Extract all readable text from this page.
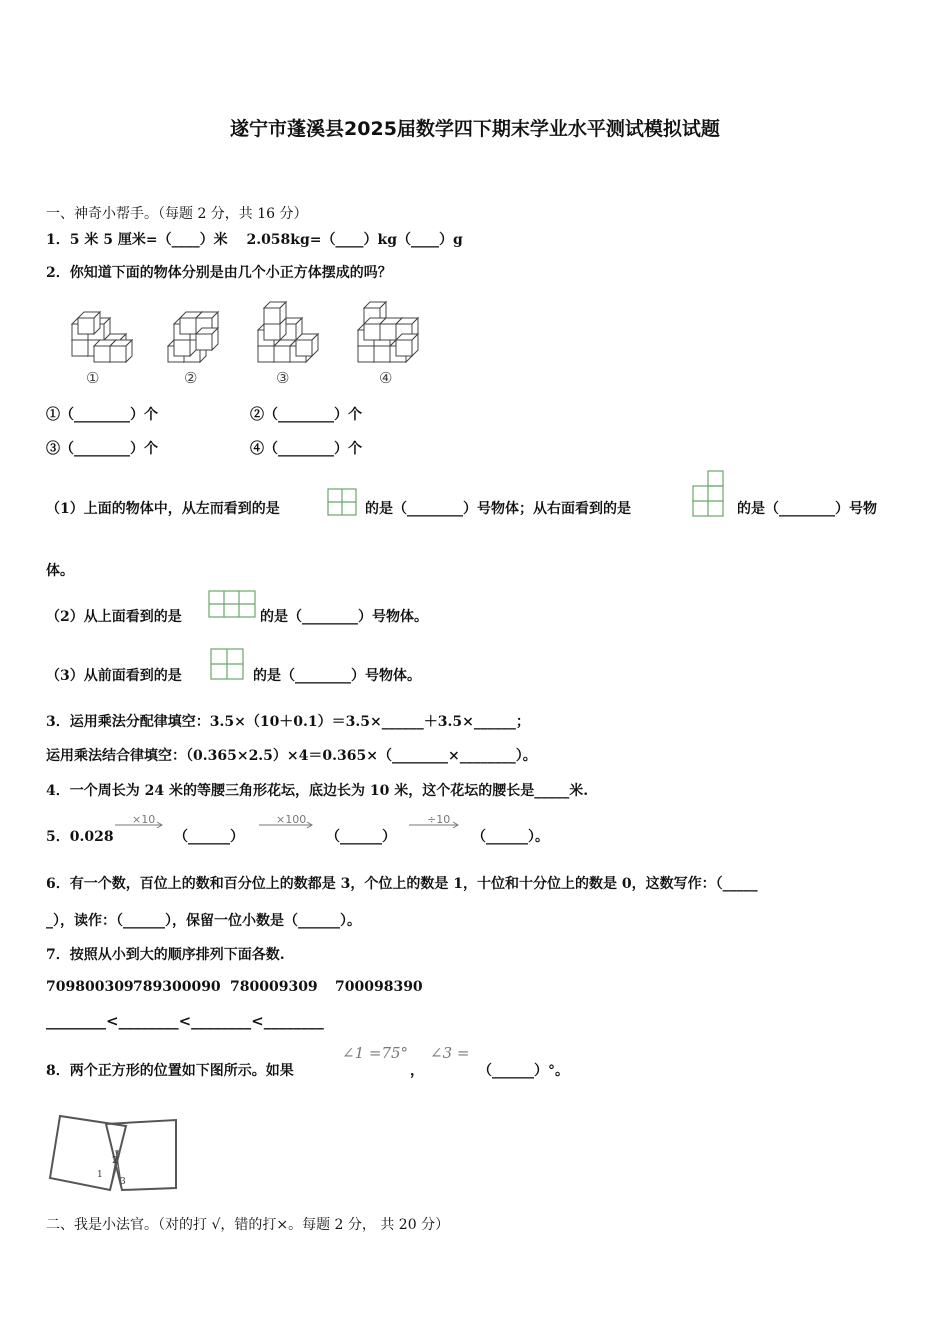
遂宁市蓬溪县2025届数学四下期末学业水平测试模拟试题
一、神奇小帮手。（每题 2 分，共 16 分）
1．5 米 5 厘米=（____）米　 2.058kg=（____）kg（____）g
2．你知道下面的物体分别是由几个小正方体摆成的吗？
①	②	③	④
①（________）个	②（________）个
③（________）个	④（________）个
（1）上面的物体中，从左而看到的是	的是（________）号物体；从右面看到的是	的是（________）号物
体。
（2）从上面看到的是	的是（________）号物体。
（3）从前面看到的是	的是（________）号物体。
3．运用乘法分配律填空：3.5×（10＋0.1）＝3.5×______＋3.5×______；
运用乘法结合律填空：（0.365×2.5）×4＝0.365×（________×________）。
4．一个周长为 24 米的等腰三角形花坛，底边长为 10 米，这个花坛的腰长是_____米.
5．0.028
×10
（______）
×100
（______）
÷10
（______）。
6．有一个数，百位上的数和百分位上的数都是 3，个位上的数是 1，十位和十分位上的数是 0，这数写作：（_____
_），读作：（______），保留一位小数是（______）。
7．按照从小到大的顺序排列下面各数.
709800309 789300090 780009309 700098390
________<________<________<________
8．两个正方形的位置如下图所示。如果
∠1 =75°
，
∠3 =
（______）°。
1
2
3
二、我是小法官。（对的打 √，错的打×。每题 2 分， 共 20 分）
